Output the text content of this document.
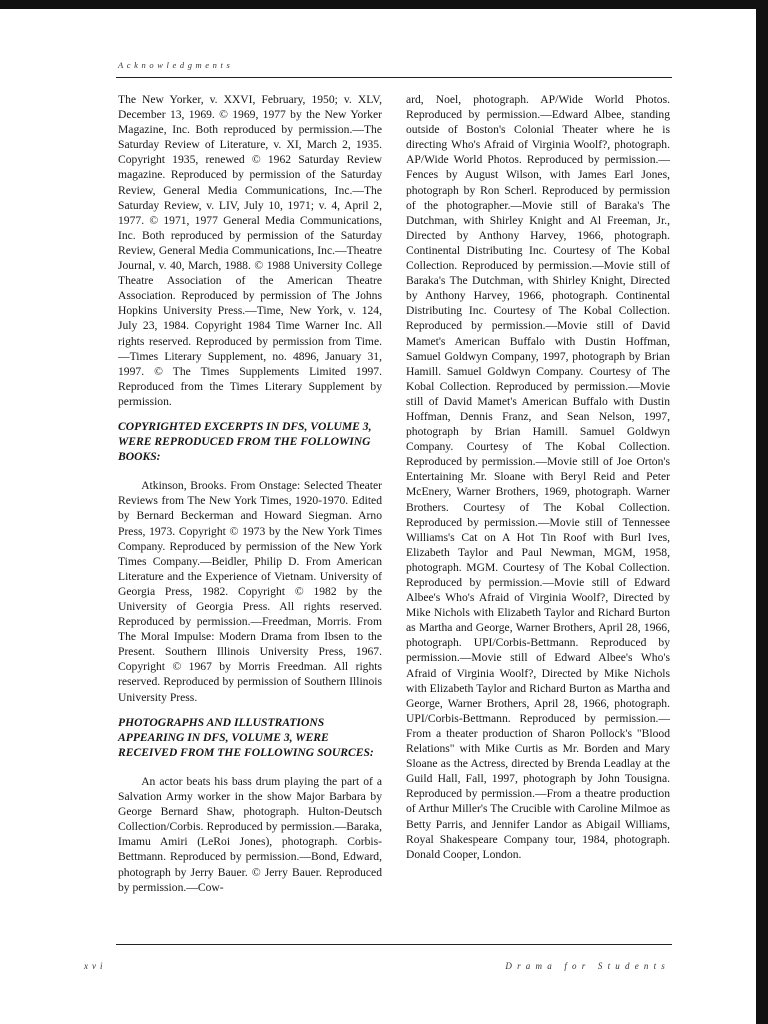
Acknowledgments

The New Yorker, v. XXVI, February, 1950; v. XLV, December 13, 1969. © 1969, 1977 by the New Yorker Magazine, Inc. Both reproduced by permission.—The Saturday Review of Literature, v. XI, March 2, 1935. Copyright 1935, renewed © 1962 Saturday Review magazine. Reproduced by permission of the Saturday Review, General Media Communications, Inc.—The Saturday Review, v. LIV, July 10, 1971; v. 4, April 2, 1977. © 1971, 1977 General Media Communications, Inc. Both reproduced by permission of the Saturday Review, General Media Communications, Inc.—Theatre Journal, v. 40, March, 1988. © 1988 University College Theatre Association of the American Theatre Association. Reproduced by permission of The Johns Hopkins University Press.—Time, New York, v. 124, July 23, 1984. Copyright 1984 Time Warner Inc. All rights reserved. Reproduced by permission from Time.—Times Literary Supplement, no. 4896, January 31, 1997. © The Times Supplements Limited 1997. Reproduced from the Times Literary Supplement by permission.

COPYRIGHTED EXCERPTS IN DFS, VOLUME 3, WERE REPRODUCED FROM THE FOLLOWING BOOKS:

Atkinson, Brooks. From Onstage: Selected Theater Reviews from The New York Times, 1920-1970. Edited by Bernard Beckerman and Howard Siegman. Arno Press, 1973. Copyright © 1973 by the New York Times Company. Reproduced by permission of the New York Times Company.—Beidler, Philip D. From American Literature and the Experience of Vietnam. University of Georgia Press, 1982. Copyright © 1982 by the University of Georgia Press. All rights reserved. Reproduced by permission.—Freedman, Morris. From The Moral Impulse: Modern Drama from Ibsen to the Present. Southern Illinois University Press, 1967. Copyright © 1967 by Morris Freedman. All rights reserved. Reproduced by permission of Southern Illinois University Press.

PHOTOGRAPHS AND ILLUSTRATIONS APPEARING IN DFS, VOLUME 3, WERE RECEIVED FROM THE FOLLOWING SOURCES:

An actor beats his bass drum playing the part of a Salvation Army worker in the show Major Barbara by George Bernard Shaw, photograph. Hulton-Deutsch Collection/Corbis. Reproduced by permission.—Baraka, Imamu Amiri (LeRoi Jones), photograph. Corbis-Bettmann. Reproduced by permission.—Bond, Edward, photograph by Jerry Bauer. © Jerry Bauer. Reproduced by permission.—Cow-

ard, Noel, photograph. AP/Wide World Photos. Reproduced by permission.—Edward Albee, standing outside of Boston's Colonial Theater where he is directing Who's Afraid of Virginia Woolf?, photograph. AP/Wide World Photos. Reproduced by permission.—Fences by August Wilson, with James Earl Jones, photograph by Ron Scherl. Reproduced by permission of the photographer.—Movie still of Baraka's The Dutchman, with Shirley Knight and Al Freeman, Jr., Directed by Anthony Harvey, 1966, photograph. Continental Distributing Inc. Courtesy of The Kobal Collection. Reproduced by permission.—Movie still of Baraka's The Dutchman, with Shirley Knight, Directed by Anthony Harvey, 1966, photograph. Continental Distributing Inc. Courtesy of The Kobal Collection. Reproduced by permission.—Movie still of David Mamet's American Buffalo with Dustin Hoffman, Samuel Goldwyn Company, 1997, photograph by Brian Hamill. Samuel Goldwyn Company. Courtesy of The Kobal Collection. Reproduced by permission.—Movie still of David Mamet's American Buffalo with Dustin Hoffman, Dennis Franz, and Sean Nelson, 1997, photograph by Brian Hamill. Samuel Goldwyn Company. Courtesy of The Kobal Collection. Reproduced by permission.—Movie still of Joe Orton's Entertaining Mr. Sloane with Beryl Reid and Peter McEnery, Warner Brothers, 1969, photograph. Warner Brothers. Courtesy of The Kobal Collection. Reproduced by permission.—Movie still of Tennessee Williams's Cat on A Hot Tin Roof with Burl Ives, Elizabeth Taylor and Paul Newman, MGM, 1958, photograph. MGM. Courtesy of The Kobal Collection. Reproduced by permission.—Movie still of Edward Albee's Who's Afraid of Virginia Woolf?, Directed by Mike Nichols with Elizabeth Taylor and Richard Burton as Martha and George, Warner Brothers, April 28, 1966, photograph. UPI/Corbis-Bettmann. Reproduced by permission.—Movie still of Edward Albee's Who's Afraid of Virginia Woolf?, Directed by Mike Nichols with Elizabeth Taylor and Richard Burton as Martha and George, Warner Brothers, April 28, 1966, photograph. UPI/Corbis-Bettmann. Reproduced by permission.—From a theater production of Sharon Pollock's "Blood Relations" with Mike Curtis as Mr. Borden and Mary Sloane as the Actress, directed by Brenda Leadlay at the Guild Hall, Fall, 1997, photograph by John Tousigna. Reproduced by permission.—From a theatre production of Arthur Miller's The Crucible with Caroline Milmoe as Betty Parris, and Jennifer Landor as Abigail Williams, Royal Shakespeare Company tour, 1984, photograph. Donald Cooper, London.

xvi	Drama for Students
